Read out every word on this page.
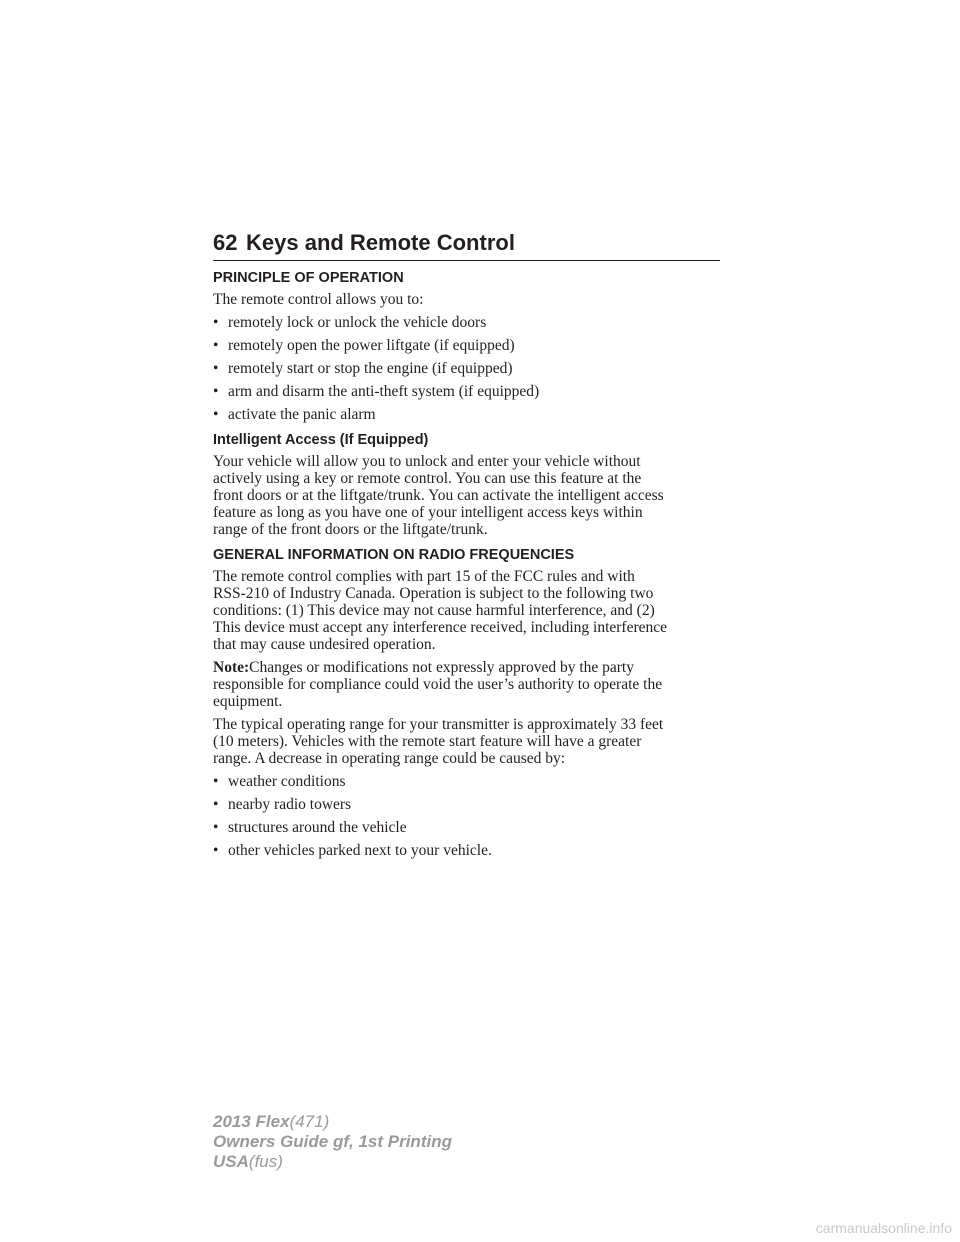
62 Keys and Remote Control
PRINCIPLE OF OPERATION

The remote control allows you to:

• remotely lock or unlock the vehicle doors
• remotely open the power liftgate (if equipped)
• remotely start or stop the engine (if equipped)
• arm and disarm the anti-theft system (if equipped)
• activate the panic alarm
Intelligent Access (If Equipped)

Your vehicle will allow you to unlock and enter your vehicle without

actively using a key or remote control. You can use this feature at the

front doors or at the liftgate/trunk. You can activate the intelligent access

feature as long as you have one of your intelligent access keys within

range of the front doors or the liftgate/trunk.

GENERAL INFORMATION ON RADIO FREQUENCIES

The remote control complies with part 15 of the FCC rules and with

RSS-210 of Industry Canada. Operation is subject to the following two

conditions: (1) This device may not cause harmful interference, and (2)

This device must accept any interference received, including interference

that may cause undesired operation.

Note:Changes or modifications not expressly approved by the party

responsible for compliance could void the user’s authority to operate the

equipment.

The typical operating range for your transmitter is approximately 33 feet

(10 meters). Vehicles with the remote start feature will have a greater

range. A decrease in operating range could be caused by:

• weather conditions
• nearby radio towers
• structures around the vehicle
• other vehicles parked next to your vehicle.
2013 Flex(471)
Owners Guide gf, 1st Printing
USA(fus)
carmanualsonline.info
